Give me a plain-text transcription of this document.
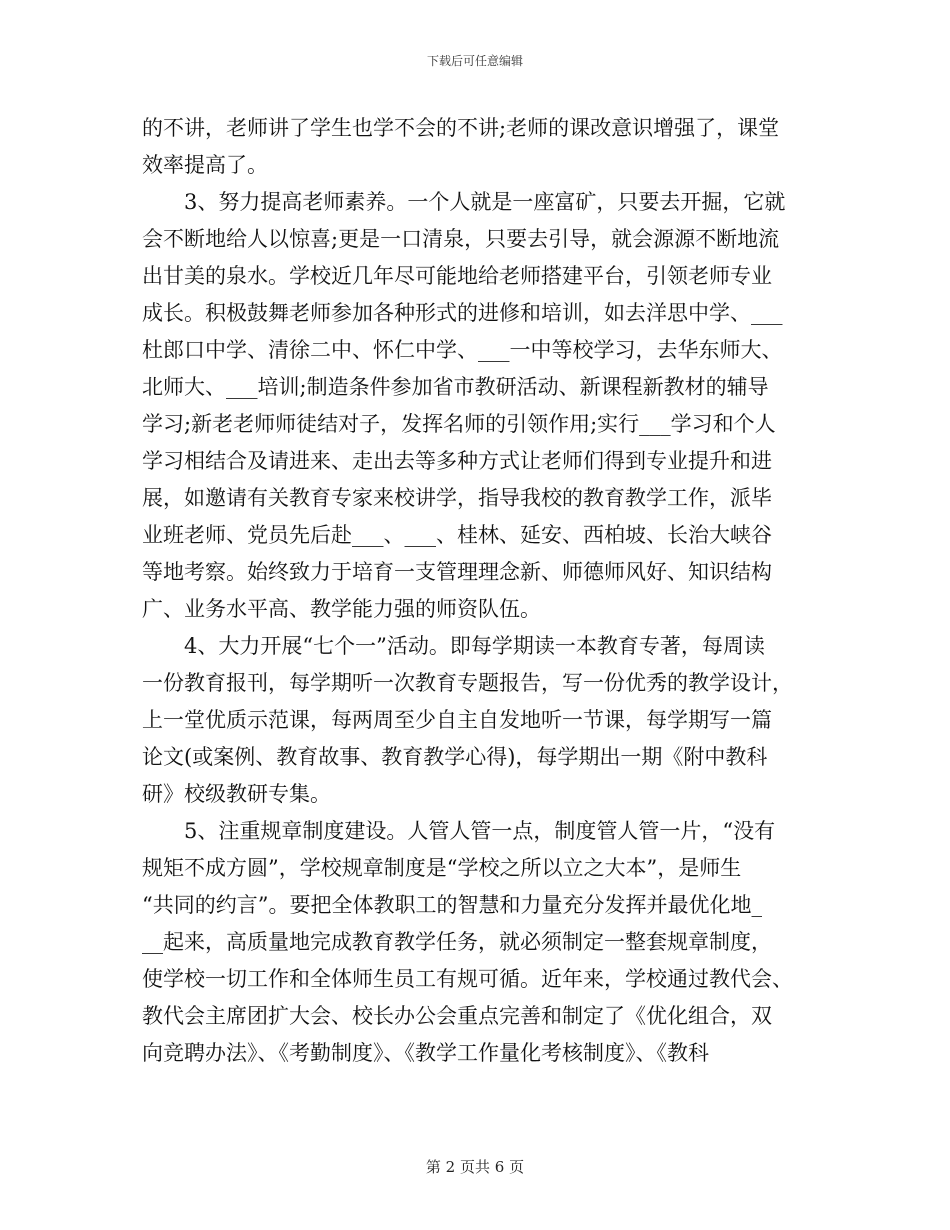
下载后可任意编辑
的不讲，老师讲了学生也学不会的不讲;老师的课改意识增强了，课堂
效率提高了。
3、努力提高老师素养。一个人就是一座富矿，只要去开掘，它就
会不断地给人以惊喜;更是一口清泉，只要去引导，就会源源不断地流
出甘美的泉水。学校近几年尽可能地给老师搭建平台，引领老师专业
成长。积极鼓舞老师参加各种形式的进修和培训，如去洋思中学、___
杜郎口中学、清徐二中、怀仁中学、___一中等校学习，去华东师大、
北师大、___培训;制造条件参加省市教研活动、新课程新教材的辅导
学习;新老老师师徒结对子，发挥名师的引领作用;实行___学习和个人
学习相结合及请进来、走出去等多种方式让老师们得到专业提升和进
展，如邀请有关教育专家来校讲学，指导我校的教育教学工作，派毕
业班老师、党员先后赴___、___、桂林、延安、西柏坡、长治大峡谷
等地考察。始终致力于培育一支管理理念新、师德师风好、知识结构
广、业务水平高、教学能力强的师资队伍。
4、大力开展“七个一”活动。即每学期读一本教育专著，每周读
一份教育报刊，每学期听一次教育专题报告，写一份优秀的教学设计，
上一堂优质示范课，每两周至少自主自发地听一节课，每学期写一篇
论文(或案例、教育故事、教育教学心得)，每学期出一期《附中教科
研》校级教研专集。
5、注重规章制度建设。人管人管一点，制度管人管一片，“没有
规矩不成方圆”，学校规章制度是“学校之所以立之大本”，是师生
“共同的约言”。要把全体教职工的智慧和力量充分发挥并最优化地_
__起来，高质量地完成教育教学任务，就必须制定一整套规章制度，
使学校一切工作和全体师生员工有规可循。近年来，学校通过教代会、
教代会主席团扩大会、校长办公会重点完善和制定了《优化组合，双
向竞聘办法》、《考勤制度》、《教学工作量化考核制度》、《教科
第 2 页共 6 页
